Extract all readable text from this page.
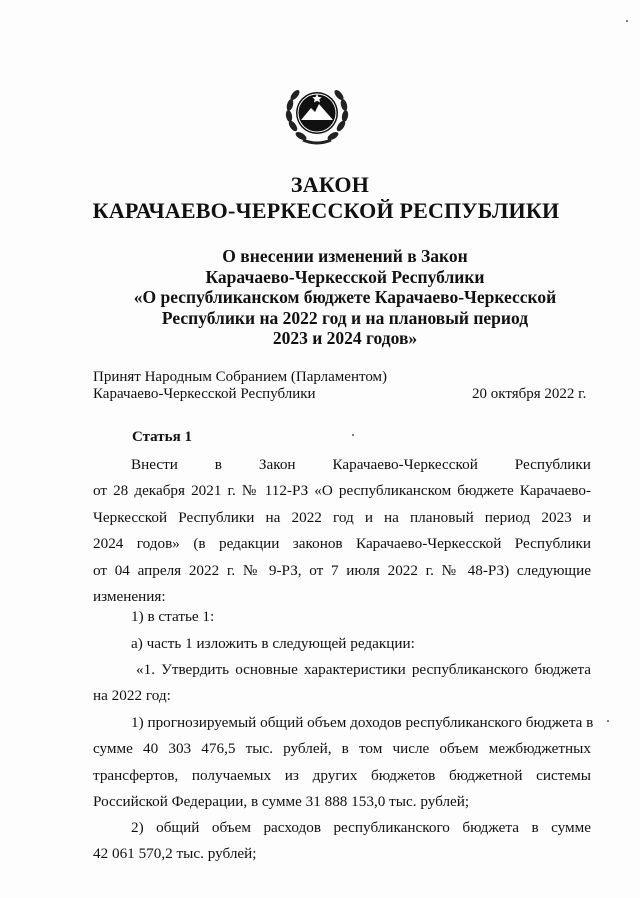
ЗАКОН
КАРАЧАЕВО-ЧЕРКЕССКОЙ РЕСПУБЛИКИ
О внесении изменений в Закон
Карачаево-Черкесской Республики
«О республиканском бюджете Карачаево-Черкесской
Республики на 2022 год и на плановый период
2023 и 2024 годов»
Принят Народным Собранием (Парламентом)
Карачаево-Черкесской Республики	20 октября 2022 г.
Статья 1
Внести в Закон Карачаево-Черкесской Республики
от 28 декабря 2021 г. № 112-РЗ «О республиканском бюджете Карачаево-
Черкесской Республики на 2022 год и на плановый период 2023 и
2024 годов» (в редакции законов Карачаево-Черкесской Республики
от 04 апреля 2022 г. № 9-РЗ, от 7 июля 2022 г. № 48-РЗ) следующие
изменения:
1) в статье 1:
а) часть 1 изложить в следующей редакции:
«1. Утвердить основные характеристики республиканского бюджета
на 2022 год:
1) прогнозируемый общий объем доходов республиканского бюджета в
сумме 40 303 476,5 тыс. рублей, в том числе объем межбюджетных
трансфертов, получаемых из других бюджетов бюджетной системы
Российской Федерации, в сумме 31 888 153,0 тыс. рублей;
2) общий объем расходов республиканского бюджета в сумме
42 061 570,2 тыс. рублей;
